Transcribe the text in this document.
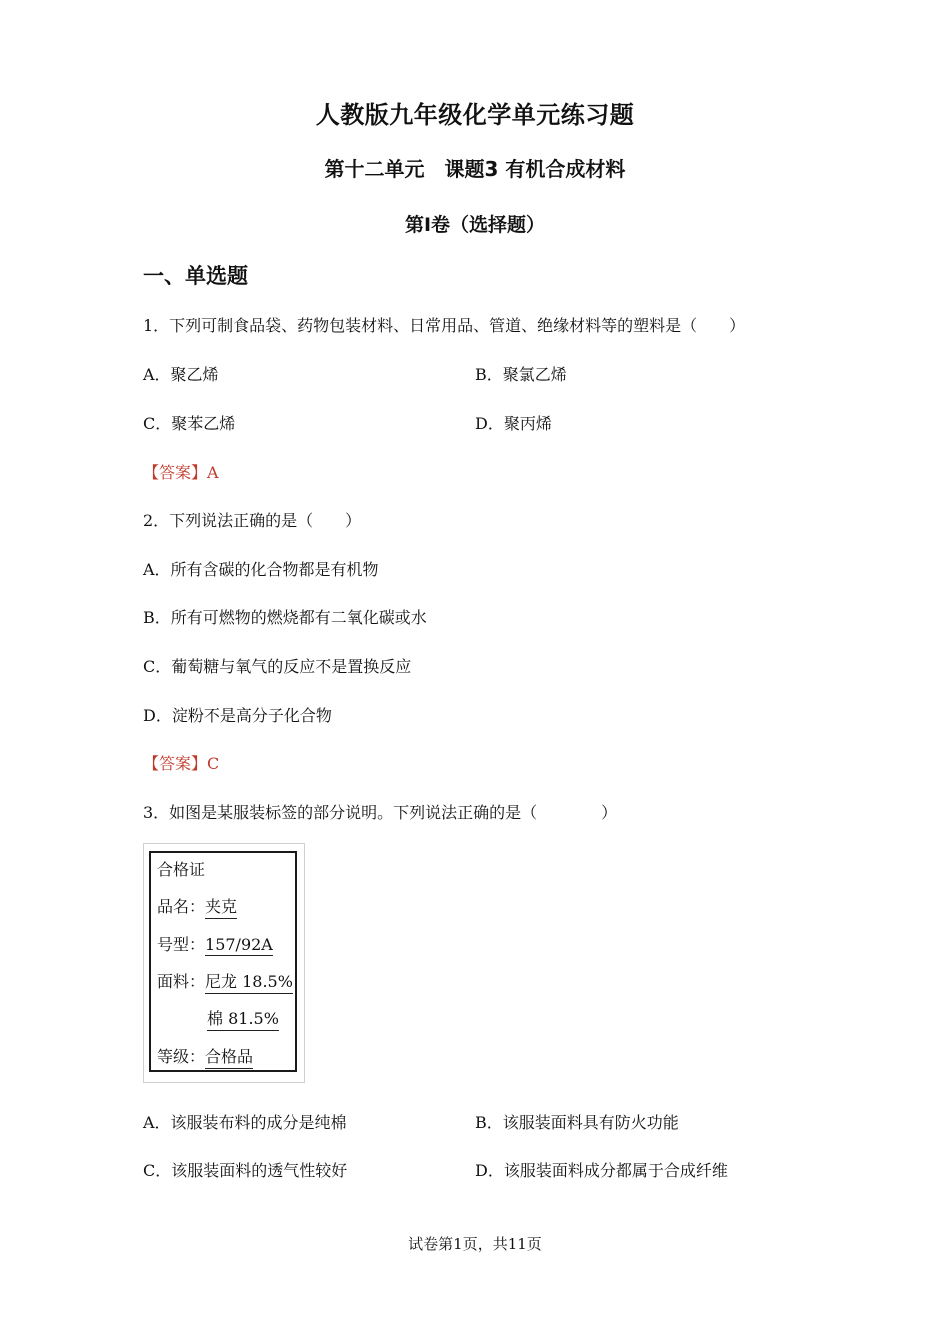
人教版九年级化学单元练习题
第十二单元　课题3 有机合成材料
第Ⅰ卷（选择题）
一、单选题
1．下列可制食品袋、药物包装材料、日常用品、管道、绝缘材料等的塑料是（　　）
A．聚乙烯	B．聚氯乙烯
C．聚苯乙烯	D．聚丙烯
【答案】A
2．下列说法正确的是（　　）
A．所有含碳的化合物都是有机物
B．所有可燃物的燃烧都有二氧化碳或水
C．葡萄糖与氧气的反应不是置换反应
D．淀粉不是高分子化合物
【答案】C
3．如图是某服装标签的部分说明。下列说法正确的是（　　　　）
合格证
品名：夹克
号型：157/92A
面料：尼龙 18.5%
棉 81.5%
等级：合格品
A．该服装布料的成分是纯棉	B．该服装面料具有防火功能
C．该服装面料的透气性较好	D．该服装面料成分都属于合成纤维
试卷第1页，共11页
